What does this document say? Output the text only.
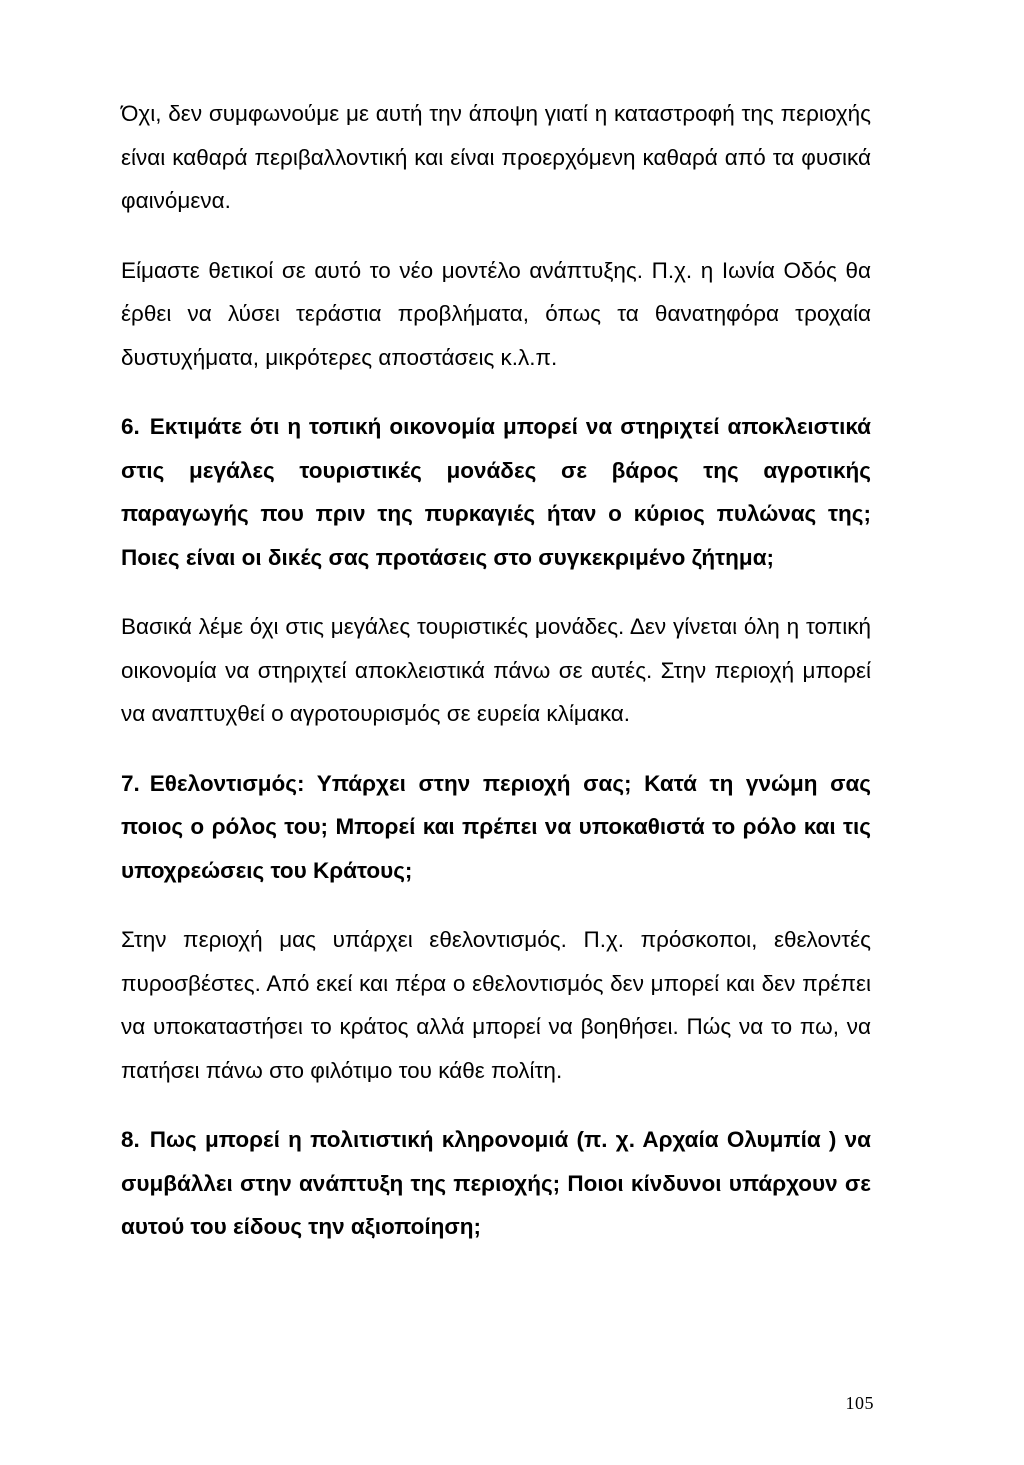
Όχι, δεν συμφωνούμε με αυτή την άποψη γιατί η καταστροφή της περιοχής είναι καθαρά περιβαλλοντική και είναι προερχόμενη καθαρά από τα φυσικά φαινόμενα.

Είμαστε θετικοί σε αυτό το νέο μοντέλο ανάπτυξης. Π.χ. η Ιωνία Οδός θα έρθει να λύσει τεράστια προβλήματα, όπως τα θανατηφόρα τροχαία δυστυχήματα, μικρότερες αποστάσεις κ.λ.π.

6. Εκτιμάτε ότι η τοπική οικονομία μπορεί να στηριχτεί αποκλειστικά στις μεγάλες τουριστικές μονάδες σε βάρος της αγροτικής παραγωγής που πριν της πυρκαγιές ήταν ο κύριος πυλώνας της; Ποιες είναι οι δικές σας προτάσεις στο συγκεκριμένο ζήτημα;

Βασικά λέμε όχι στις μεγάλες τουριστικές μονάδες. Δεν γίνεται όλη η τοπική οικονομία να στηριχτεί αποκλειστικά πάνω σε αυτές. Στην περιοχή μπορεί να αναπτυχθεί ο αγροτουρισμός σε ευρεία κλίμακα.

7. Εθελοντισμός: Υπάρχει στην περιοχή σας; Κατά τη γνώμη σας ποιος ο ρόλος του; Μπορεί και πρέπει να υποκαθιστά το ρόλο και τις υποχρεώσεις του Κράτους;

Στην περιοχή μας υπάρχει εθελοντισμός. Π.χ. πρόσκοποι, εθελοντές πυροσβέστες. Από εκεί και πέρα ο εθελοντισμός δεν μπορεί και δεν πρέπει να υποκαταστήσει το κράτος αλλά μπορεί να βοηθήσει. Πώς να το πω, να πατήσει πάνω στο φιλότιμο του κάθε πολίτη.

8. Πως μπορεί η πολιτιστική κληρονομιά (π. χ. Αρχαία Ολυμπία ) να συμβάλλει στην ανάπτυξη της περιοχής; Ποιοι κίνδυνοι υπάρχουν σε αυτού του είδους την αξιοποίηση;

105
